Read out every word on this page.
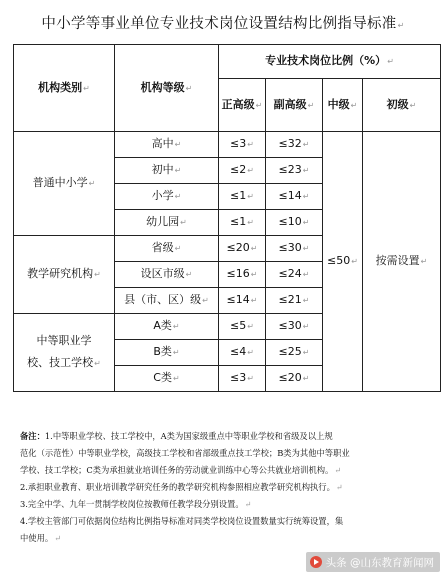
中小学等事业单位专业技术岗位设置结构比例指导标准↵
机构类别↵	机构等级↵	专业技术岗位比例（%）↵			
		正高级↵	副高级↵	中级↵	初级↵
普通中小学↵	高中↵	≤3↵	≤32↵	≤50↵	按需设置↵
	初中↵	≤2↵	≤23↵		
	小学↵	≤1↵	≤14↵		
	幼儿园↵	≤1↵	≤10↵		
教学研究机构↵	省级↵	≤20↵	≤30↵		
	设区市级↵	≤16↵	≤24↵		
	县（市、区）级↵	≤14↵	≤21↵		

中等职业学
校、技工学校↵	A类↵	≤5↵	≤30↵		
	B类↵	≤4↵	≤25↵		
	C类↵	≤3↵	≤20↵		
备注：1.中等职业学校、技工学校中，A类为国家级重点中等职业学校和省级及以上规
范化（示范性）中等职业学校，高级技工学校和省部级重点技工学校；B类为其他中等职业
学校、技工学校；C类为承担就业培训任务的劳动就业训练中心等公共就业培训机构。↵
2.承担职业教育、职业培训教学研究任务的教学研究机构参照相应教学研究机构执行。↵
3.完全中学、九年一贯制学校岗位按教师任教学段分别设置。↵
4.学校主管部门可依据岗位结构比例指导标准对同类学校岗位设置数量实行统筹设置，集
中使用。↵
头条 @山东教育新闻网
